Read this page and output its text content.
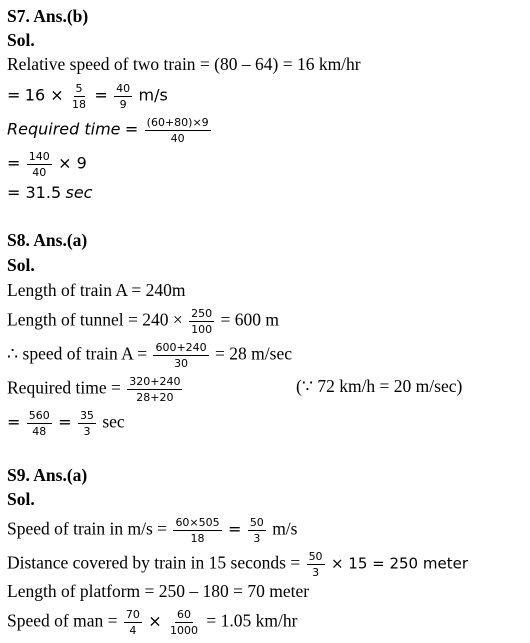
S7. Ans.(b)
Sol.
Relative speed of two train = (80 – 64) = 16 km/hr
= $16 \times \frac{5}{18} = \frac{40}{9} m/s$
Required time = $\frac{(60+80)\times 9}{40}$
= $\frac{140}{40} \times 9$
= 31.5 sec
S8. Ans.(a)
Sol.
Length of train A = 240m
Length of tunnel = $240 \times \frac{250}{100} = 600$ m
∴ speed of train $A = \frac{600+240}{30} = 28$ m/sec
Required time = $\frac{320+240}{28+20}$	(∵ 72 km/h = 20 m/sec)
= $\frac{560}{48} = \frac{35}{3}$ sec
S9. Ans.(a)
Sol.
Speed of train in $m/s = \frac{60\times 505}{18} = \frac{50}{3} m/s$
Distance covered by train in 15 seconds = $\frac{50}{3} \times 15 = 250$ meter
Length of platform = 250 – 180 = 70 meter
Speed of man = $\frac{70}{4} \times \frac{60}{1000} = 1.05$ km/hr
